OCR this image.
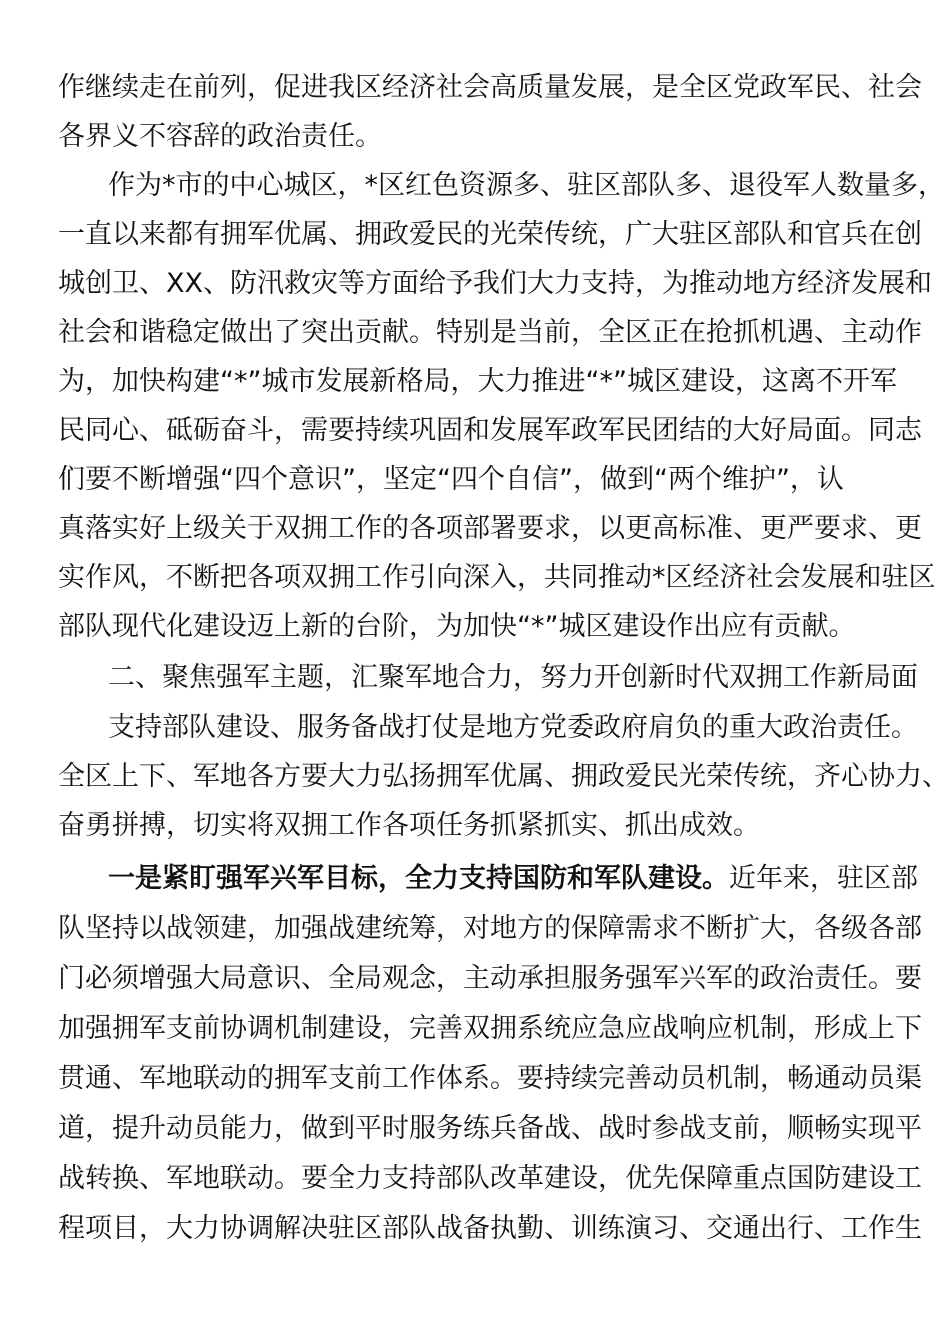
作继续走在前列，促进我区经济社会高质量发展，是全区党政军民、社会
各界义不容辞的政治责任。
作为*市的中心城区，*区红色资源多、驻区部队多、退役军人数量多，
一直以来都有拥军优属、拥政爱民的光荣传统，广大驻区部队和官兵在创
城创卫、XX、防汛救灾等方面给予我们大力支持，为推动地方经济发展和
社会和谐稳定做出了突出贡献。特别是当前，全区正在抢抓机遇、主动作
为，加快构建“*”城市发展新格局，大力推进“*”城区建设，这离不开军
民同心、砥砺奋斗，需要持续巩固和发展军政军民团结的大好局面。同志
们要不断增强“四个意识”，坚定“四个自信”，做到“两个维护”，认
真落实好上级关于双拥工作的各项部署要求，以更高标准、更严要求、更
实作风，不断把各项双拥工作引向深入，共同推动*区经济社会发展和驻区
部队现代化建设迈上新的台阶，为加快“*”城区建设作出应有贡献。
二、聚焦强军主题，汇聚军地合力，努力开创新时代双拥工作新局面
支持部队建设、服务备战打仗是地方党委政府肩负的重大政治责任。
全区上下、军地各方要大力弘扬拥军优属、拥政爱民光荣传统，齐心协力、
奋勇拼搏，切实将双拥工作各项任务抓紧抓实、抓出成效。
一是紧盯强军兴军目标，全力支持国防和军队建设。近年来，驻区部
队坚持以战领建，加强战建统筹，对地方的保障需求不断扩大，各级各部
门必须增强大局意识、全局观念，主动承担服务强军兴军的政治责任。要
加强拥军支前协调机制建设，完善双拥系统应急应战响应机制，形成上下
贯通、军地联动的拥军支前工作体系。要持续完善动员机制，畅通动员渠
道，提升动员能力，做到平时服务练兵备战、战时参战支前，顺畅实现平
战转换、军地联动。要全力支持部队改革建设，优先保障重点国防建设工
程项目，大力协调解决驻区部队战备执勤、训练演习、交通出行、工作生
